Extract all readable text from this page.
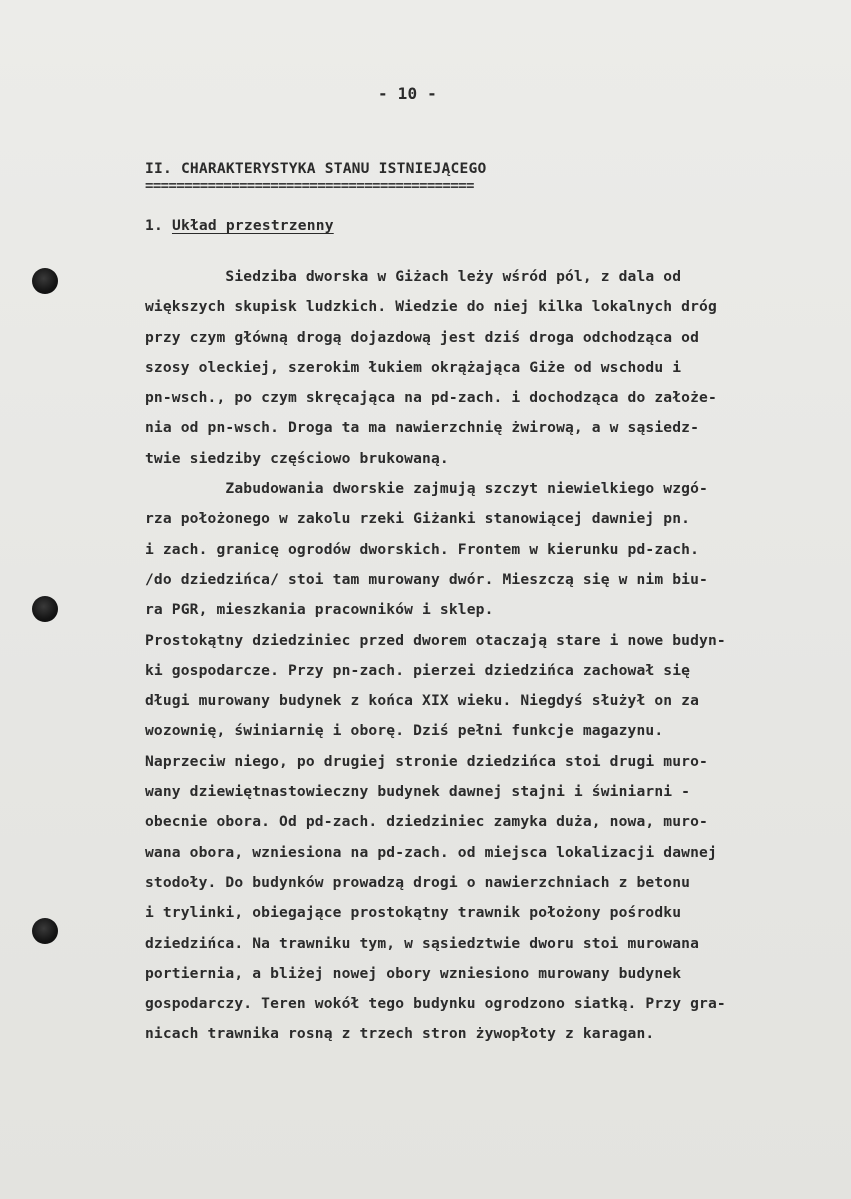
- 10 -
II. CHARAKTERYSTYKA STANU ISTNIEJĄCEGO
==========================================
1. Układ przestrzenny
Siedziba dworska w Giżach leży wśród pól, z dala od
większych skupisk ludzkich. Wiedzie do niej kilka lokalnych dróg
przy czym główną drogą dojazdową jest dziś droga odchodząca od
szosy oleckiej, szerokim łukiem okrążająca Giże od wschodu i
pn-wsch., po czym skręcająca na pd-zach. i dochodząca do założe-
nia od pn-wsch. Droga ta ma nawierzchnię żwirową, a w sąsiedz-
twie siedziby częściowo brukowaną.
Zabudowania dworskie zajmują szczyt niewielkiego wzgó-
rza położonego w zakolu rzeki Giżanki stanowiącej dawniej pn.
i zach. granicę ogrodów dworskich. Frontem w kierunku pd-zach.
/do dziedzińca/ stoi tam murowany dwór. Mieszczą się w nim biu-
ra PGR, mieszkania pracowników i sklep.
Prostokątny dziedziniec przed dworem otaczają stare i nowe budyn-
ki gospodarcze. Przy pn-zach. pierzei dziedzińca zachował się
długi murowany budynek z końca XIX wieku. Niegdyś służył on za
wozownię, świniarnię i oborę. Dziś pełni funkcje magazynu.
Naprzeciw niego, po drugiej stronie dziedzińca stoi drugi muro-
wany dziewiętnastowieczny budynek dawnej stajni i świniarni -
obecnie obora. Od pd-zach. dziedziniec zamyka duża, nowa, muro-
wana obora, wzniesiona na pd-zach. od miejsca lokalizacji dawnej
stodoły. Do budynków prowadzą drogi o nawierzchniach z betonu
i trylinki, obiegające prostokątny trawnik położony pośrodku
dziedzińca. Na trawniku tym, w sąsiedztwie dworu stoi murowana
portiernia, a bliżej nowej obory wzniesiono murowany budynek
gospodarczy. Teren wokół tego budynku ogrodzono siatką. Przy gra-
nicach trawnika rosną z trzech stron żywopłoty z karagan.
